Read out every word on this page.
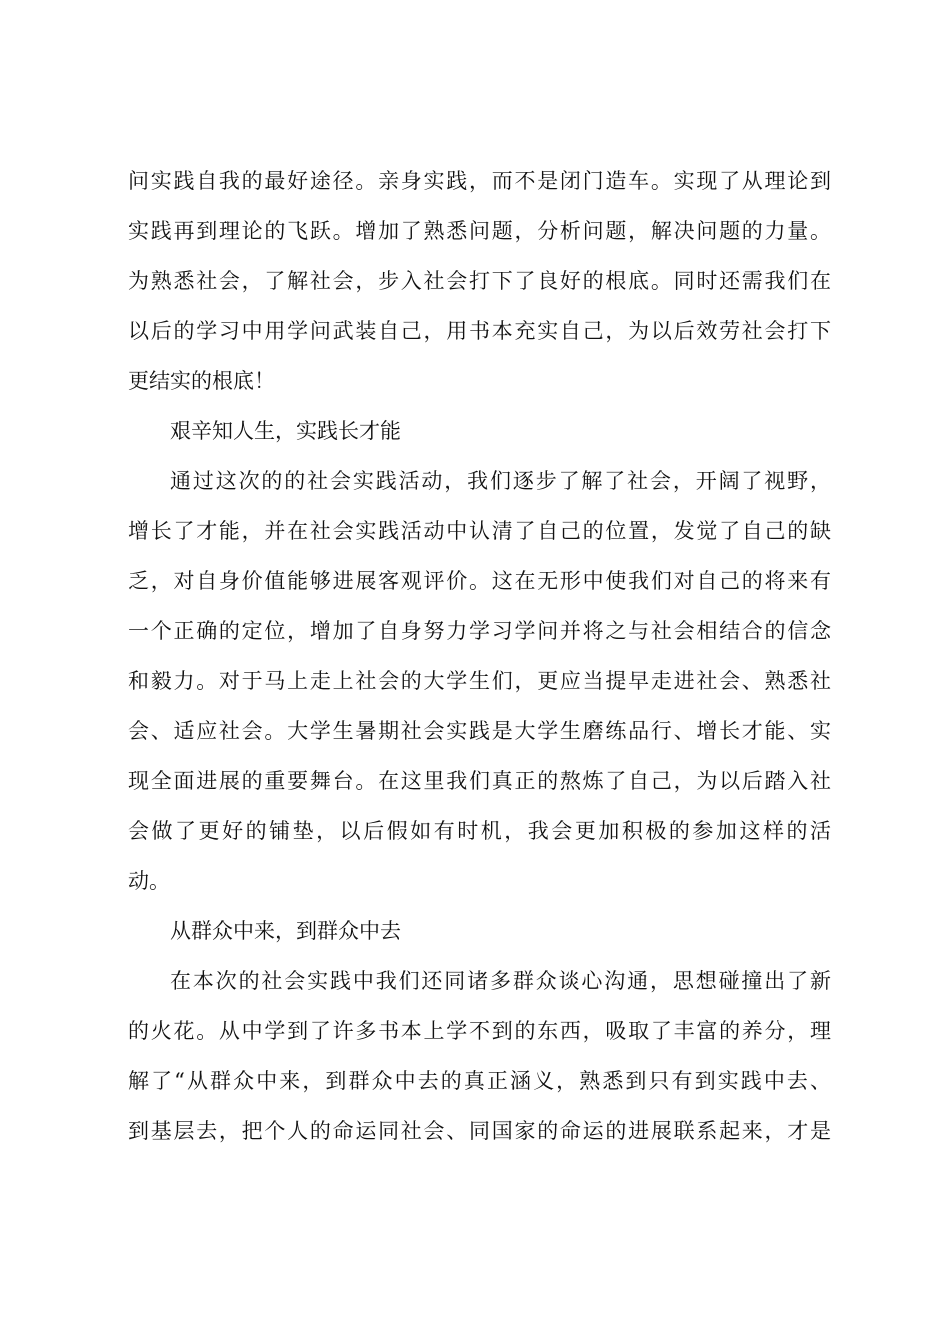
问实践自我的最好途径。亲身实践，而不是闭门造车。实现了从理论到
实践再到理论的飞跃。增加了熟悉问题，分析问题，解决问题的力量。
为熟悉社会，了解社会，步入社会打下了良好的根底。同时还需我们在
以后的学习中用学问武装自己，用书本充实自己，为以后效劳社会打下
更结实的根底！
艰辛知人生，实践长才能
通过这次的的社会实践活动，我们逐步了解了社会，开阔了视野，
增长了才能，并在社会实践活动中认清了自己的位置，发觉了自己的缺
乏，对自身价值能够进展客观评价。这在无形中使我们对自己的将来有
一个正确的定位，增加了自身努力学习学问并将之与社会相结合的信念
和毅力。对于马上走上社会的大学生们，更应当提早走进社会、熟悉社
会、适应社会。大学生暑期社会实践是大学生磨练品行、增长才能、实
现全面进展的重要舞台。在这里我们真正的熬炼了自己，为以后踏入社
会做了更好的铺垫，以后假如有时机，我会更加积极的参加这样的活
动。
从群众中来，到群众中去
在本次的社会实践中我们还同诸多群众谈心沟通，思想碰撞出了新
的火花。从中学到了许多书本上学不到的东西，吸取了丰富的养分，理
解了“从群众中来，到群众中去的真正涵义，熟悉到只有到实践中去、
到基层去，把个人的命运同社会、同国家的命运的进展联系起来，才是
